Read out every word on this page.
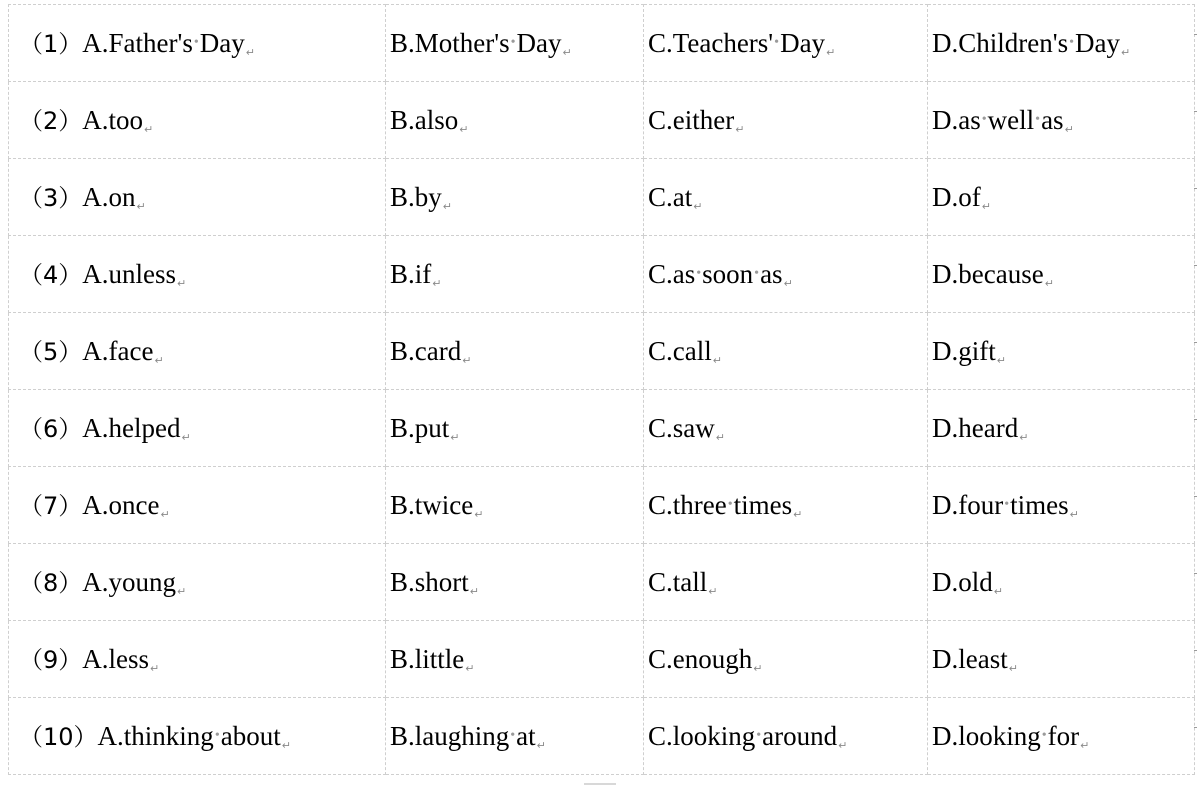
（1）A.Father's•Day↵	B.Mother's•Day↵	C.Teachers'•Day↵	D.Children's•Day↵
（2）A.too↵	B.also↵	C.either↵	D.as•well•as↵
（3）A.on↵	B.by↵	C.at↵	D.of↵
（4）A.unless↵	B.if↵	C.as•soon•as↵	D.because↵
（5）A.face↵	B.card↵	C.call↵	D.gift↵
（6）A.helped↵	B.put↵	C.saw↵	D.heard↵
（7）A.once↵	B.twice↵	C.three•times↵	D.four•times↵
（8）A.young↵	B.short↵	C.tall↵	D.old↵
（9）A.less↵	B.little↵	C.enough↵	D.least↵
（10）A.thinking•about↵	B.laughing•at↵	C.looking•around↵	D.looking•for↵
